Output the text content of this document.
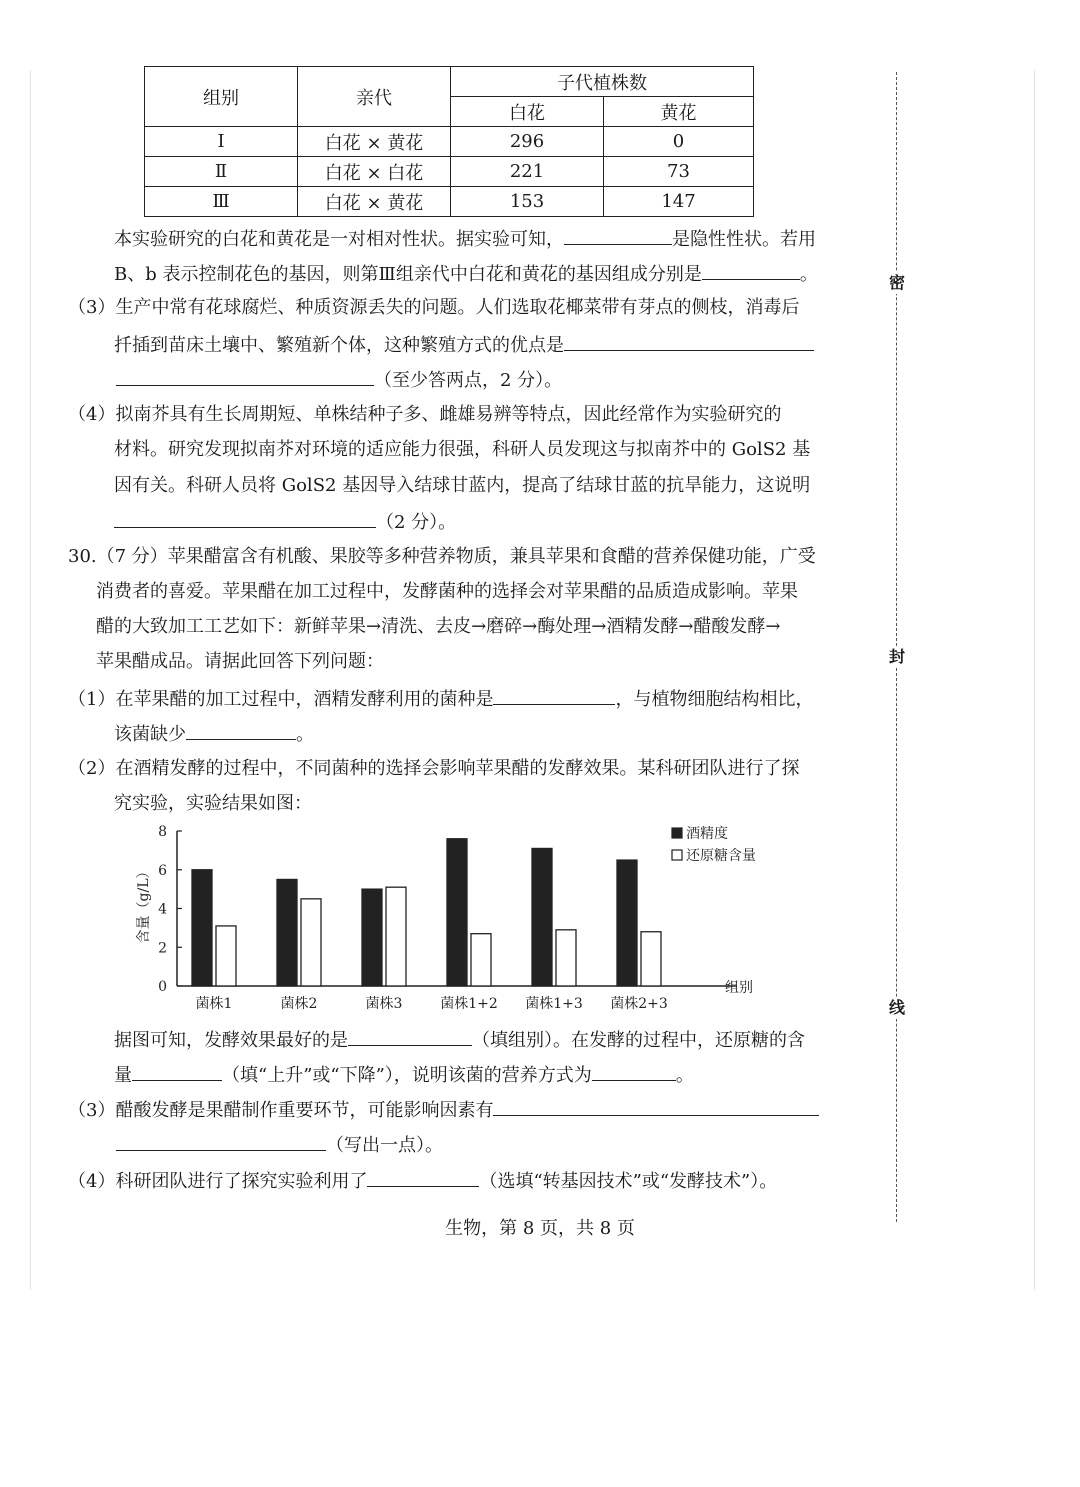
组别	亲代	子代植株数	
		白花	黄花
Ⅰ	白花 × 黄花	296	0
Ⅱ	白花 × 白花	221	73
Ⅲ	白花 × 黄花	153	147
本实验研究的白花和黄花是一对相对性状。据实验可知，	是隐性性状。若用
B、b 表示控制花色的基因，则第Ⅲ组亲代中白花和黄花的基因组成分别是	。
（3）生产中常有花球腐烂、种质资源丢失的问题。人们选取花椰菜带有芽点的侧枝，消毒后
扦插到苗床土壤中、繁殖新个体，这种繁殖方式的优点是
（至少答两点，2 分）。
（4）拟南芥具有生长周期短、单株结种子多、雌雄易辨等特点，因此经常作为实验研究的
材料。研究发现拟南芥对环境的适应能力很强，科研人员发现这与拟南芥中的 GolS2 基
因有关。科研人员将 GolS2 基因导入结球甘蓝内，提高了结球甘蓝的抗旱能力，这说明
（2 分）。
30.（7 分）苹果醋富含有机酸、果胶等多种营养物质，兼具苹果和食醋的营养保健功能，广受
消费者的喜爱。苹果醋在加工过程中，发酵菌种的选择会对苹果醋的品质造成影响。苹果
醋的大致加工工艺如下：新鲜苹果→清洗、去皮→磨碎→酶处理→酒精发酵→醋酸发酵→
苹果醋成品。请据此回答下列问题：
（1）在苹果醋的加工过程中，酒精发酵利用的菌种是	，与植物细胞结构相比，
该菌缺少	。
（2）在酒精发酵的过程中，不同菌种的选择会影响苹果醋的发酵效果。某科研团队进行了探
究实验，实验结果如图：
0
2
4
6
8
含量（g/L）
菌株1	菌株2	菌株3	菌株1+2 菌株1+3 菌株2+3
组别
酒精度
还原糖含量
据图可知，发酵效果最好的是	（填组别）。在发酵的过程中，还原糖的含
量	（填“上升”或“下降”），说明该菌的营养方式为	。
（3）醋酸发酵是果醋制作重要环节，可能影响因素有
（写出一点）。
（4）科研团队进行了探究实验利用了	（选填“转基因技术”或“发酵技术”）。
密
封
线
生物，第 8 页，共 8 页
